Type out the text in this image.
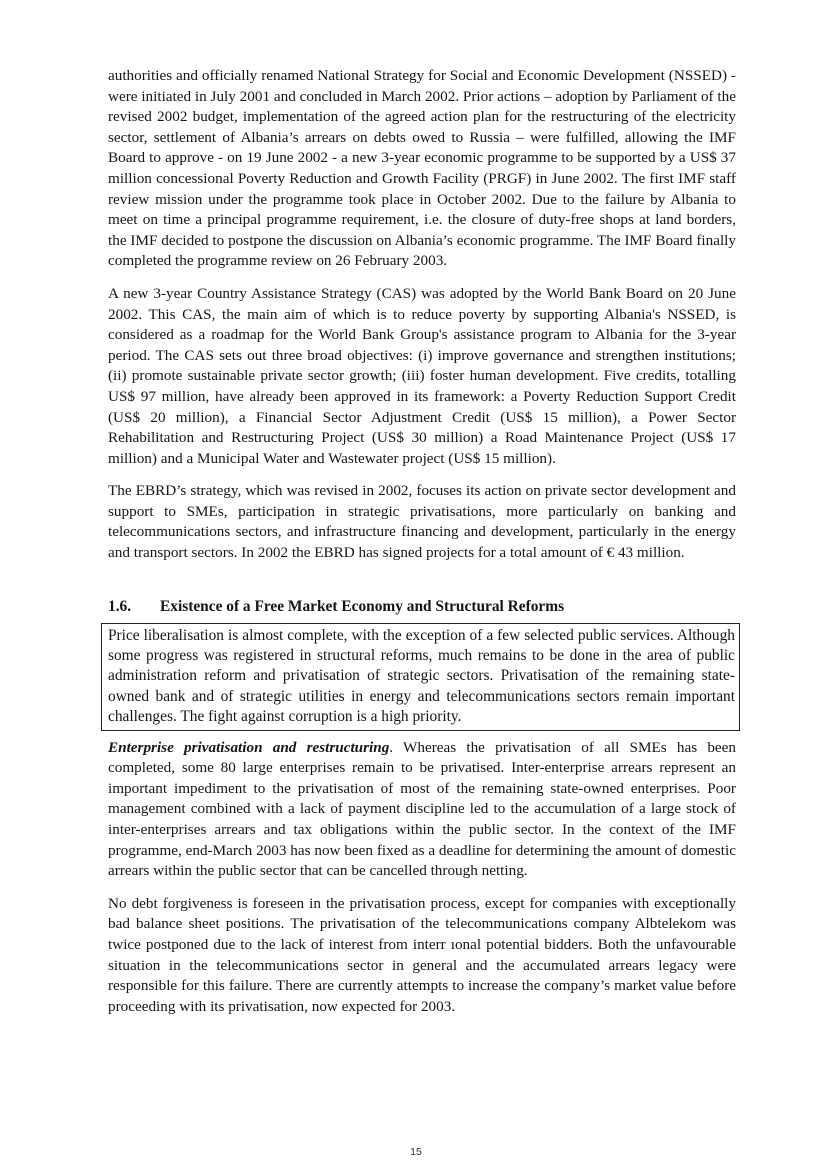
authorities and officially renamed National Strategy for Social and Economic Development (NSSED) - were initiated in July 2001 and concluded in March 2002. Prior actions – adoption by Parliament of the revised 2002 budget, implementation of the agreed action plan for the restructuring of the electricity sector, settlement of Albania’s arrears on debts owed to Russia – were fulfilled, allowing the IMF Board to approve - on 19 June 2002 - a new 3-year economic programme to be supported by a US$ 37 million concessional Poverty Reduction and Growth Facility (PRGF) in June 2002. The first IMF staff review mission under the programme took place in October 2002. Due to the failure by Albania to meet on time a principal programme requirement, i.e. the closure of duty-free shops at land borders, the IMF decided to postpone the discussion on Albania’s economic programme. The IMF Board finally completed the programme review on 26 February 2003.

A new 3-year Country Assistance Strategy (CAS) was adopted by the World Bank Board on 20 June 2002. This CAS, the main aim of which is to reduce poverty by supporting Albania's NSSED, is considered as a roadmap for the World Bank Group's assistance program to Albania for the 3-year period. The CAS sets out three broad objectives: (i) improve governance and strengthen institutions; (ii) promote sustainable private sector growth; (iii) foster human development. Five credits, totalling US$ 97 million, have already been approved in its framework: a Poverty Reduction Support Credit (US$ 20 million), a Financial Sector Adjustment Credit (US$ 15 million), a Power Sector Rehabilitation and Restructuring Project (US$ 30 million) a Road Maintenance Project (US$ 17 million) and a Municipal Water and Wastewater project (US$ 15 million).

The EBRD’s strategy, which was revised in 2002, focuses its action on private sector development and support to SMEs, participation in strategic privatisations, more particularly on banking and telecommunications sectors, and infrastructure financing and development, particularly in the energy and transport sectors. In 2002 the EBRD has signed projects for a total amount of € 43 million.

1.6.	Existence of a Free Market Economy and Structural Reforms

Price liberalisation is almost complete, with the exception of a few selected public services. Although some progress was registered in structural reforms, much remains to be done in the area of public administration reform and privatisation of strategic sectors. Privatisation of the remaining state-owned bank and of strategic utilities in energy and telecommunications sectors remain important challenges. The fight against corruption is a high priority.

Enterprise privatisation and restructuring. Whereas the privatisation of all SMEs has been completed, some 80 large enterprises remain to be privatised. Inter-enterprise arrears represent an important impediment to the privatisation of most of the remaining state-owned enterprises. Poor management combined with a lack of payment discipline led to the accumulation of a large stock of inter-enterprises arrears and tax obligations within the public sector. In the context of the IMF programme, end-March 2003 has now been fixed as a deadline for determining the amount of domestic arrears within the public sector that can be cancelled through netting.

No debt forgiveness is foreseen in the privatisation process, except for companies with exceptionally bad balance sheet positions. The privatisation of the telecommunications company Albtelekom was twice postponed due to the lack of interest from interr ıonal potential bidders. Both the unfavourable situation in the telecommunications sector in general and the accumulated arrears legacy were responsible for this failure. There are currently attempts to increase the company’s market value before proceeding with its privatisation, now expected for 2003.

15
